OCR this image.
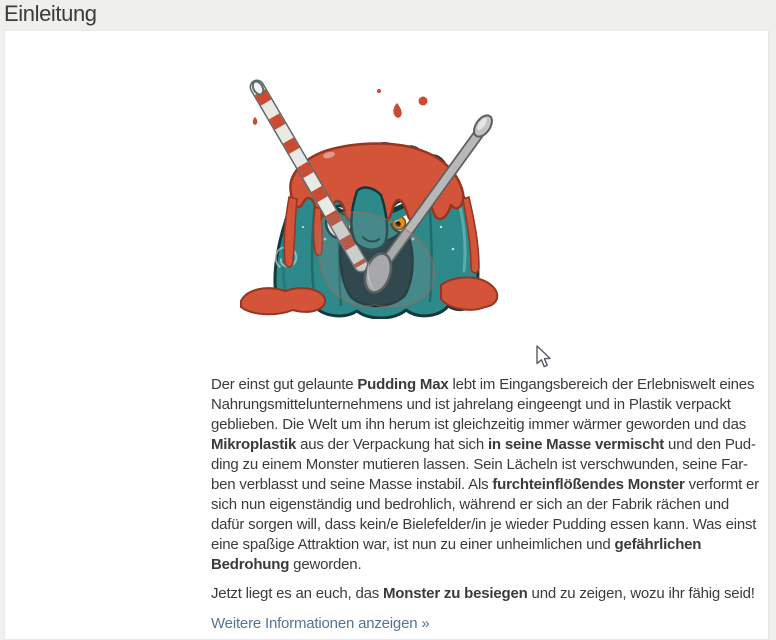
Einleitung

Der einst gut gelaunte Pudding Max lebt im Eingangsbereich der Erlebniswelt eines Nahrungsmittelunternehmens und ist jahrelang eingeengt und in Plastik verpackt geblieben. Die Welt um ihn herum ist gleichzeitig immer wärmer geworden und das Mikroplastik aus der Verpackung hat sich in seine Masse vermischt und den Pudding zu einem Monster mutieren lassen. Sein Lächeln ist verschwunden, seine Farben verblasst und seine Masse instabil. Als furchteinflößendes Monster verformt er sich nun eigenständig und bedrohlich, während er sich an der Fabrik rächen und dafür sorgen will, dass kein/e Bielefelder/in je wieder Pudding essen kann. Was einst eine spaßige Attraktion war, ist nun zu einer unheimlichen und gefährlichen Bedrohung geworden.

Jetzt liegt es an euch, das Monster zu besiegen und zu zeigen, wozu ihr fähig seid!

Weitere Informationen anzeigen »
